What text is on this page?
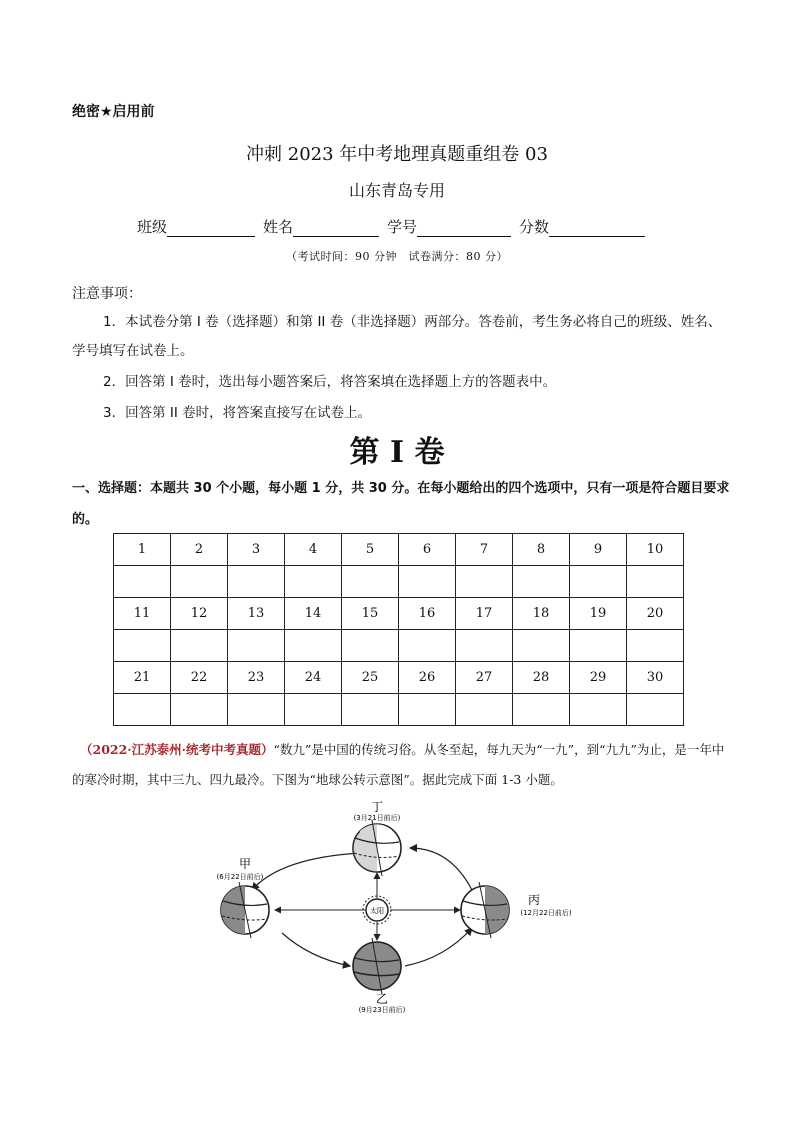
绝密★启用前
冲刺 2023 年中考地理真题重组卷 03
山东青岛专用
班级	姓名	学号	分数
（考试时间：90 分钟　试卷满分：80 分）
注意事项：
1．本试卷分第 I 卷（选择题）和第 II 卷（非选择题）两部分。答卷前，考生务必将自己的班级、姓名、学号填写在试卷上。
2．回答第 I 卷时，选出每小题答案后，将答案填在选择题上方的答题表中。
3．回答第 II 卷时，将答案直接写在试卷上。
第 I 卷
一、选择题：本题共 30 个小题，每小题 1 分，共 30 分。在每小题给出的四个选项中，只有一项是符合题目要求的。
1	2	3	4	5	6	7	8	9	10

11	12	13	14	15	16	17	18	19	20

21	22	23	24	25	26	27	28	29	30

（2022·江苏泰州·统考中考真题）“数九”是中国的传统习俗。从冬至起，每九天为“一九”，到“九九”为止，是一年中的寒冷时期，其中三九、四九最冷。下图为“地球公转示意图”。据此完成下面 1-3 小题。
太阳
丁
(3月21日前后)
甲
(6月22日前后)
丙
(12月22日前后)
乙
(9月23日前后)
